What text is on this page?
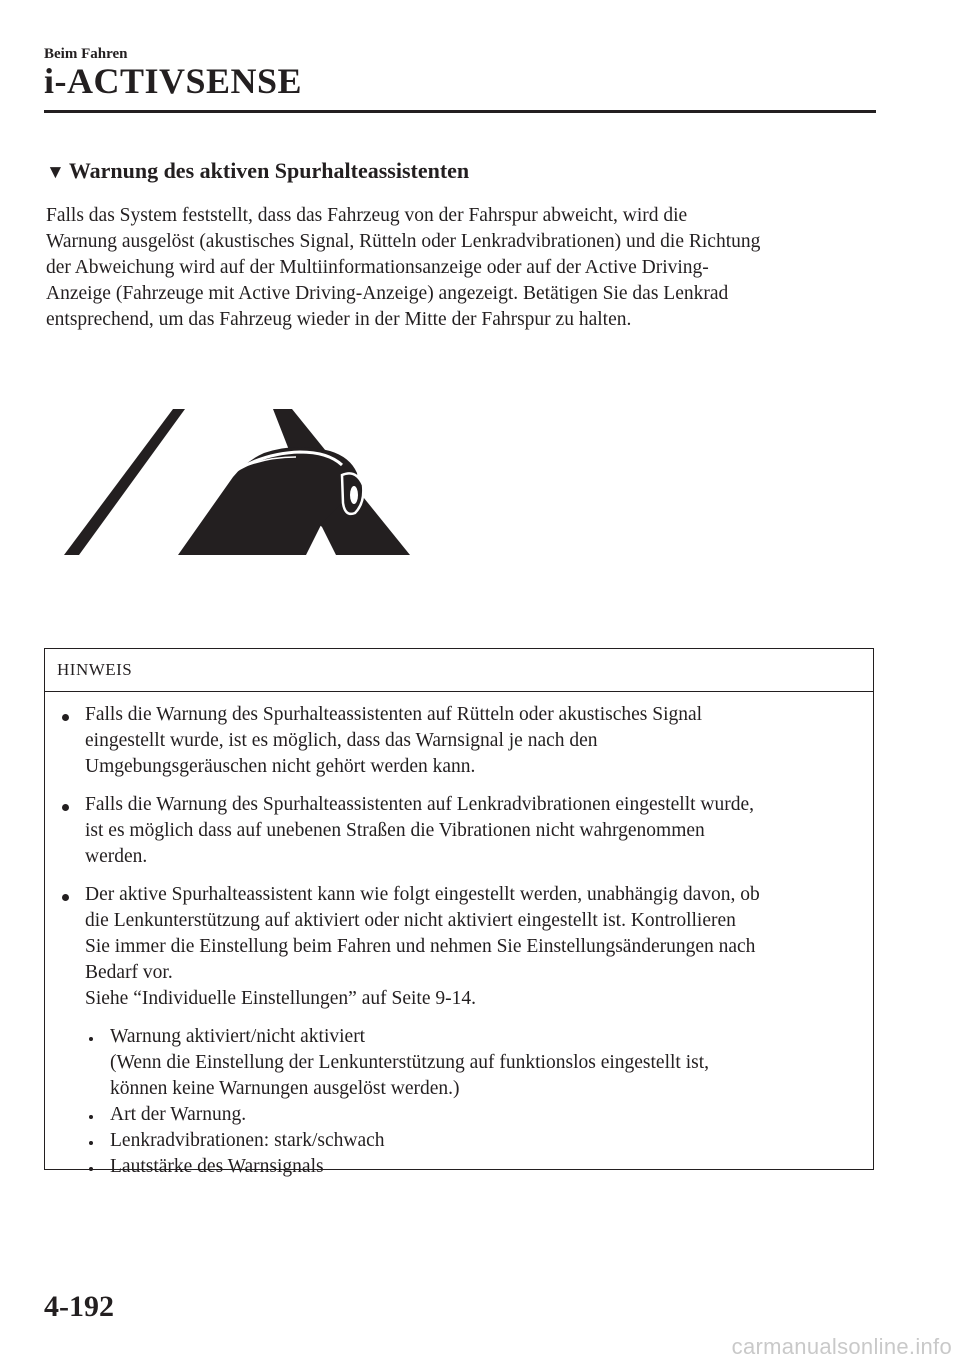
Beim Fahren
i-ACTIVSENSE
▼ Warnung des aktiven Spurhalteassistenten
Falls das System feststellt, dass das Fahrzeug von der Fahrspur abweicht, wird die
Warnung ausgelöst (akustisches Signal, Rütteln oder Lenkradvibrationen) und die Richtung
der Abweichung wird auf der Multiinformationsanzeige oder auf der Active Driving-
Anzeige (Fahrzeuge mit Active Driving-Anzeige) angezeigt. Betätigen Sie das Lenkrad
entsprechend, um das Fahrzeug wieder in der Mitte der Fahrspur zu halten.
HINWEIS
Falls die Warnung des Spurhalteassistenten auf Rütteln oder akustisches Signal
eingestellt wurde, ist es möglich, dass das Warnsignal je nach den
Umgebungsgeräuschen nicht gehört werden kann.
Falls die Warnung des Spurhalteassistenten auf Lenkradvibrationen eingestellt wurde,
ist es möglich dass auf unebenen Straßen die Vibrationen nicht wahrgenommen
werden.
Der aktive Spurhalteassistent kann wie folgt eingestellt werden, unabhängig davon, ob
die Lenkunterstützung auf aktiviert oder nicht aktiviert eingestellt ist. Kontrollieren
Sie immer die Einstellung beim Fahren und nehmen Sie Einstellungsänderungen nach
Bedarf vor.
Siehe “Individuelle Einstellungen” auf Seite 9-14.
Warnung aktiviert/nicht aktiviert
(Wenn die Einstellung der Lenkunterstützung auf funktionslos eingestellt ist,
können keine Warnungen ausgelöst werden.)
Art der Warnung.
Lenkradvibrationen: stark/schwach
Lautstärke des Warnsignals
4-192
carmanualsonline.info
